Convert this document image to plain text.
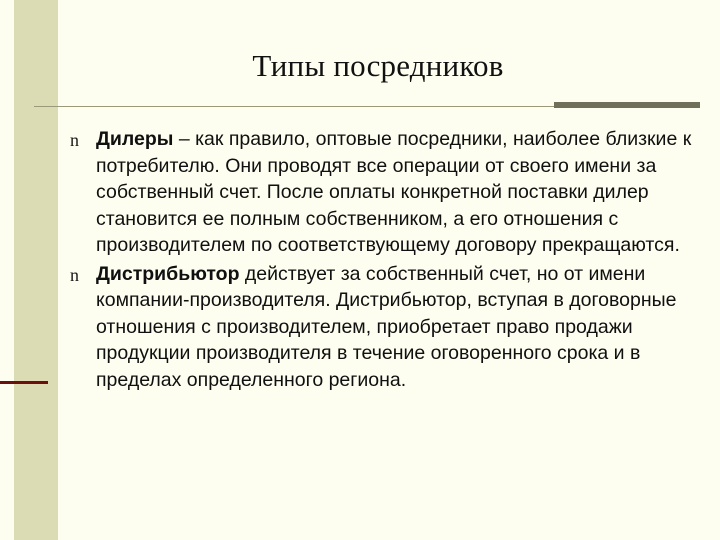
Типы посредников
n Дилеры – как правило, оптовые посредники, наиболее близкие к потребителю. Они проводят все операции от своего имени за собственный счет. После оплаты конкретной поставки дилер становится ее полным собственником, а его отношения с производителем по соответствующему договору прекращаются.
n Дистрибьютор действует за собственный счет, но от имени компании-производителя. Дистрибьютор, вступая в договорные отношения с производителем, приобретает право продажи продукции производителя в течение оговоренного срока и в пределах определенного региона.
